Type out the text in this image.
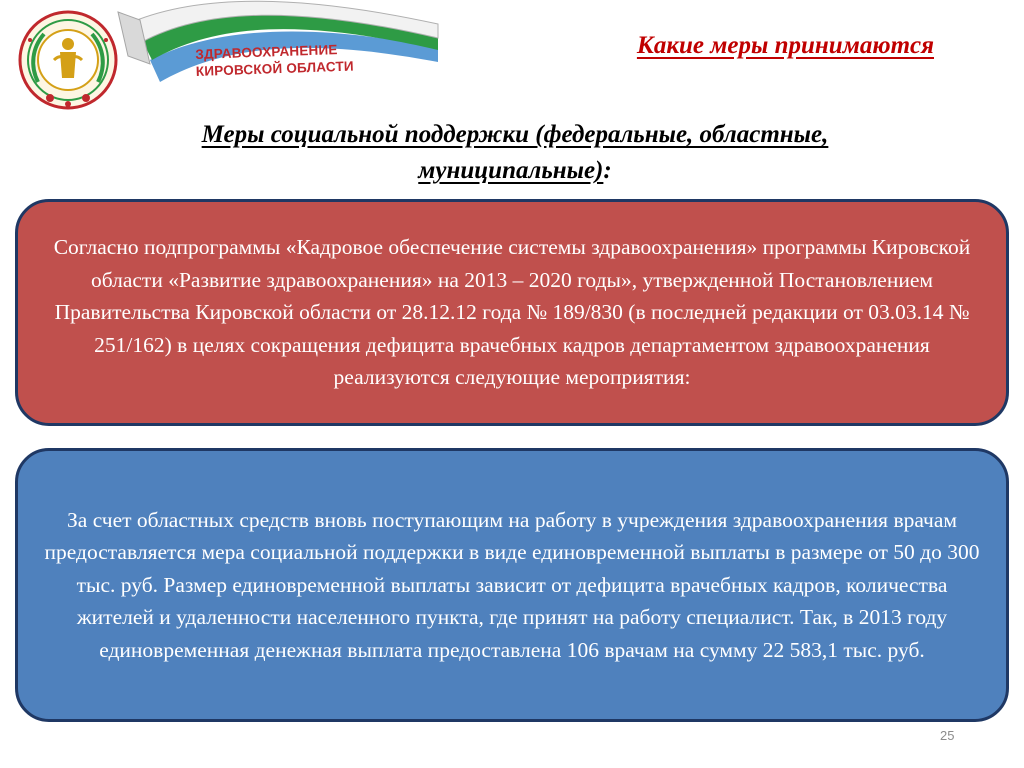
ЗДРАВООХРАНЕНИЕ
КИРОВСКОЙ ОБЛАСТИ
Какие меры принимаются
Меры социальной поддержки (федеральные, областные,
муниципальные):

Согласно подпрограммы «Кадровое обеспечение системы здравоохранения» программы Кировской области «Развитие здравоохранения» на 2013 – 2020 годы», утвержденной Постановлением Правительства Кировской области от 28.12.12 года № 189/830 (в последней редакции от 03.03.14 № 251/162) в целях сокращения дефицита врачебных кадров департаментом здравоохранения реализуются следующие мероприятия:

За счет областных средств вновь поступающим на работу в учреждения здравоохранения врачам предоставляется мера социальной поддержки в виде единовременной выплаты в размере от 50 до 300 тыс. руб. Размер единовременной выплаты зависит от дефицита врачебных кадров, количества жителей и удаленности населенного пункта, где принят на работу специалист. Так, в 2013 году единовременная денежная выплата предоставлена 106 врачам на сумму 22 583,1 тыс. руб.

25
